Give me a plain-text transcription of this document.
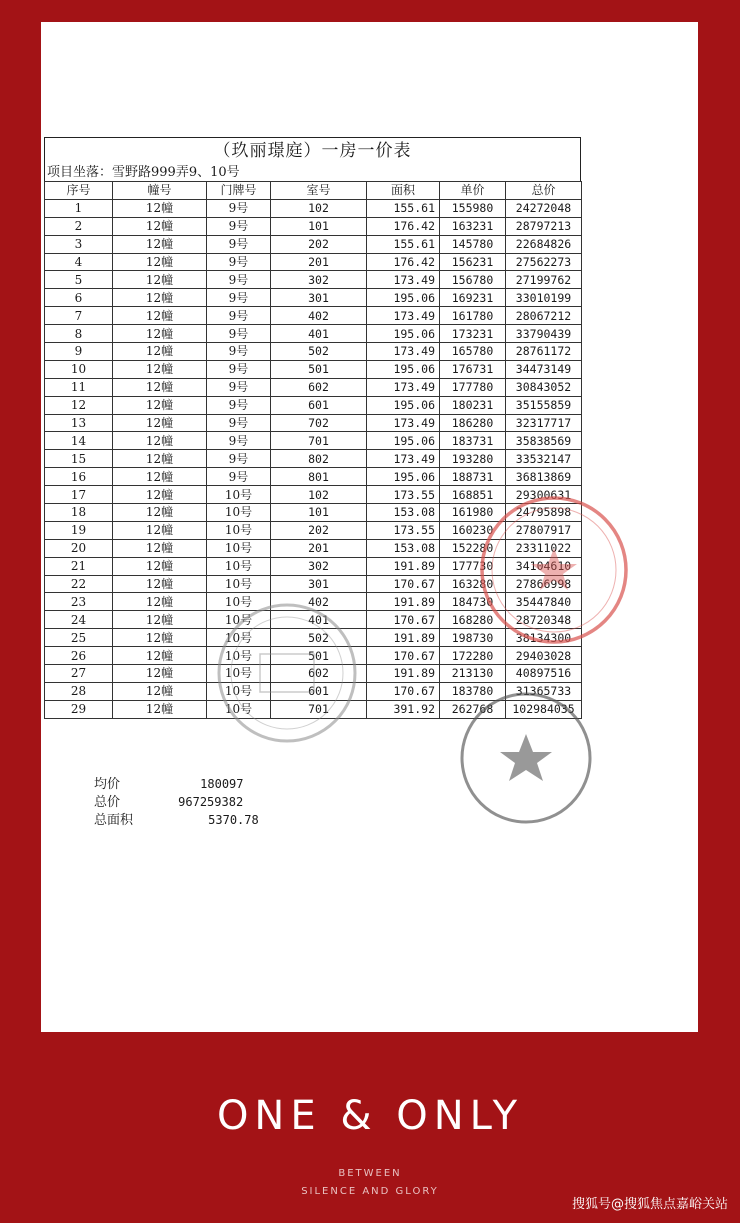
（玖丽璟庭）一房一价表
项目坐落：雪野路999弄9、10号
序号	幢号	门牌号	室号	面积	单价	总价
1	12幢	9号	102	155.61	155980	24272048
2	12幢	9号	101	176.42	163231	28797213
3	12幢	9号	202	155.61	145780	22684826
4	12幢	9号	201	176.42	156231	27562273
5	12幢	9号	302	173.49	156780	27199762
6	12幢	9号	301	195.06	169231	33010199
7	12幢	9号	402	173.49	161780	28067212
8	12幢	9号	401	195.06	173231	33790439
9	12幢	9号	502	173.49	165780	28761172
10	12幢	9号	501	195.06	176731	34473149
11	12幢	9号	602	173.49	177780	30843052
12	12幢	9号	601	195.06	180231	35155859
13	12幢	9号	702	173.49	186280	32317717
14	12幢	9号	701	195.06	183731	35838569
15	12幢	9号	802	173.49	193280	33532147
16	12幢	9号	801	195.06	188731	36813869
17	12幢	10号	102	173.55	168851	29300631
18	12幢	10号	101	153.08	161980	24795898
19	12幢	10号	202	173.55	160230	27807917
20	12幢	10号	201	153.08	152280	23311022
21	12幢	10号	302	191.89	177730	34104610
22	12幢	10号	301	170.67	163280	27866998
23	12幢	10号	402	191.89	184730	35447840
24	12幢	10号	401	170.67	168280	28720348
25	12幢	10号	502	191.89	198730	38134300
26	12幢	10号	501	170.67	172280	29403028
27	12幢	10号	602	191.89	213130	40897516
28	12幢	10号	601	170.67	183780	31365733
29	12幢	10号	701	391.92	262768	102984035
均价	180097
总价	967259382
总面积	5370.78
ONE & ONLY
BETWEEN
SILENCE AND GLORY
搜狐号@搜狐焦点嘉峪关站
